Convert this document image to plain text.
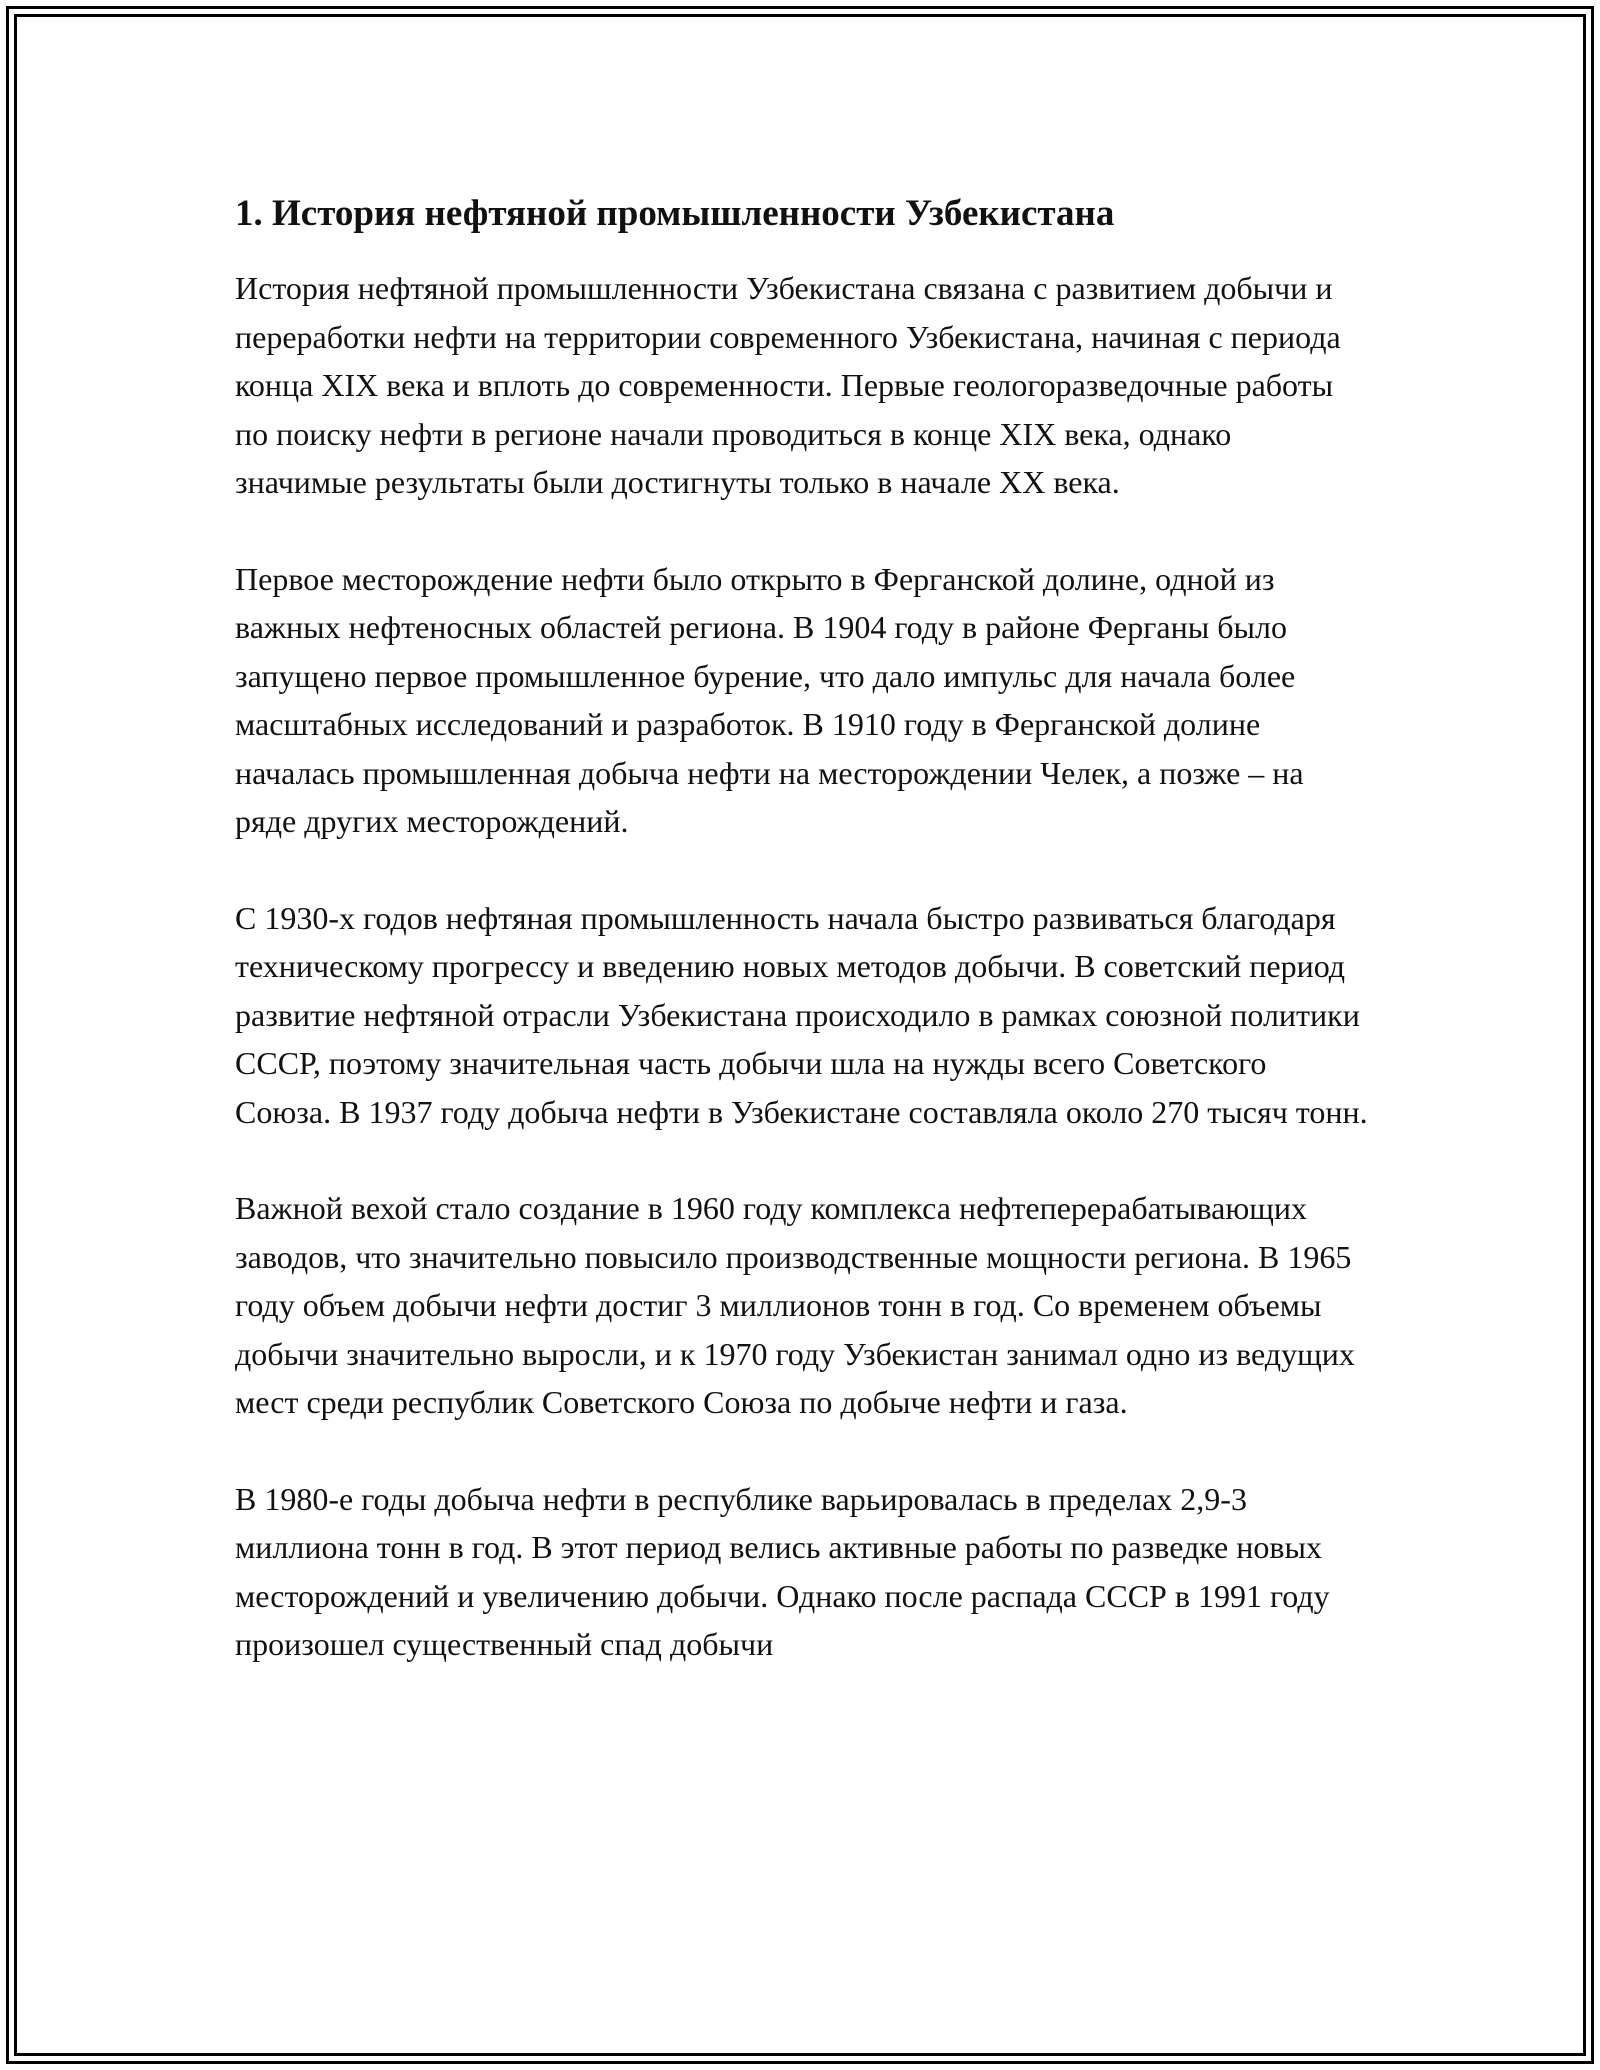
1. История нефтяной промышленности Узбекистана

История нефтяной промышленности Узбекистана связана с развитием добычи и переработки нефти на территории современного Узбекистана, начиная с периода конца XIX века и вплоть до современности. Первые геологоразведочные работы по поиску нефти в регионе начали проводиться в конце XIX века, однако значимые результаты были достигнуты только в начале XX века.

Первое месторождение нефти было открыто в Ферганской долине, одной из важных нефтеносных областей региона. В 1904 году в районе Ферганы было запущено первое промышленное бурение, что дало импульс для начала более масштабных исследований и разработок. В 1910 году в Ферганской долине началась промышленная добыча нефти на месторождении Челек, а позже – на ряде других месторождений.

С 1930-х годов нефтяная промышленность начала быстро развиваться благодаря техническому прогрессу и введению новых методов добычи. В советский период развитие нефтяной отрасли Узбекистана происходило в рамках союзной политики СССР, поэтому значительная часть добычи шла на нужды всего Советского Союза. В 1937 году добыча нефти в Узбекистане составляла около 270 тысяч тонн.

Важной вехой стало создание в 1960 году комплекса нефтеперерабатывающих заводов, что значительно повысило производственные мощности региона. В 1965 году объем добычи нефти достиг 3 миллионов тонн в год. Со временем объемы добычи значительно выросли, и к 1970 году Узбекистан занимал одно из ведущих мест среди республик Советского Союза по добыче нефти и газа.

В 1980-е годы добыча нефти в республике варьировалась в пределах 2,9-3 миллиона тонн в год. В этот период велись активные работы по разведке новых месторождений и увеличению добычи. Однако после распада СССР в 1991 году произошел существенный спад добычи
